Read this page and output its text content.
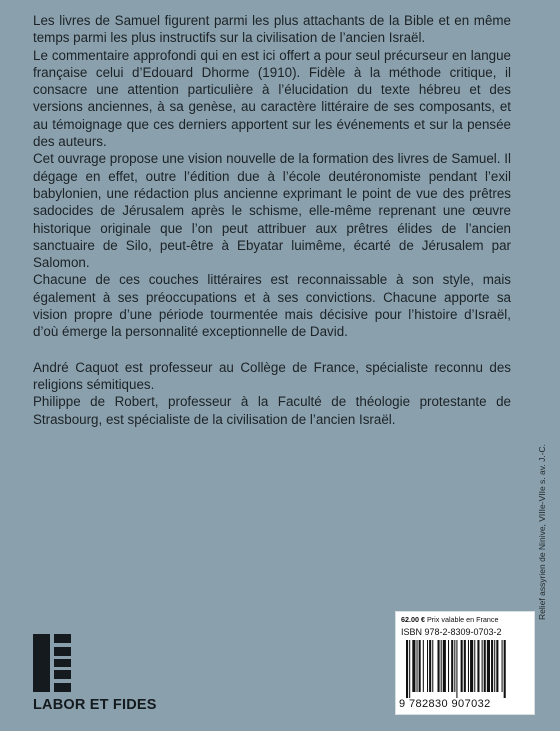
Les livres de Samuel figurent parmi les plus attachants de la Bible et en même temps parmi les plus instructifs sur la civilisation de l’ancien Israël.

Le commentaire approfondi qui en est ici offert a pour seul précurseur en langue française celui d’Edouard Dhorme (1910). Fidèle à la méthode critique, il consacre une attention particulière à l’élucidation du texte hébreu et des versions anciennes, à sa genèse, au caractère littéraire de ses composants, et au témoignage que ces derniers apportent sur les événements et sur la pensée des auteurs.

Cet ouvrage propose une vision nouvelle de la formation des livres de Samuel. Il dégage en effet, outre l’édition due à l’école deutéronomiste pendant l’exil babylonien, une rédaction plus ancienne exprimant le point de vue des prêtres sadocides de Jérusalem après le schisme, elle-même reprenant une œuvre historique originale que l’on peut attribuer aux prêtres élides de l’ancien sanctuaire de Silo, peut-être à Ebyatar luimême, écarté de Jérusalem par Salomon.

Chacune de ces couches littéraires est reconnaissable à son style, mais également à ses préoccupations et à ses convictions. Chacune apporte sa vision propre d’une période tourmentée mais décisive pour l’histoire d’Israël, d’où émerge la personnalité exceptionnelle de David.

André Caquot est professeur au Collège de France, spécialiste reconnu des religions sémitiques.

Philippe de Robert, professeur à la Faculté de théologie protestante de Strasbourg, est spécialiste de la civilisation de l’ancien Israël.

Relief assyrien de Ninive, VIIIe-VIIe s. av. J.-C.
62.00 € Prix valable en France
ISBN 978-2-8309-0703-2
9 782830 907032
LABOR ET FIDES
